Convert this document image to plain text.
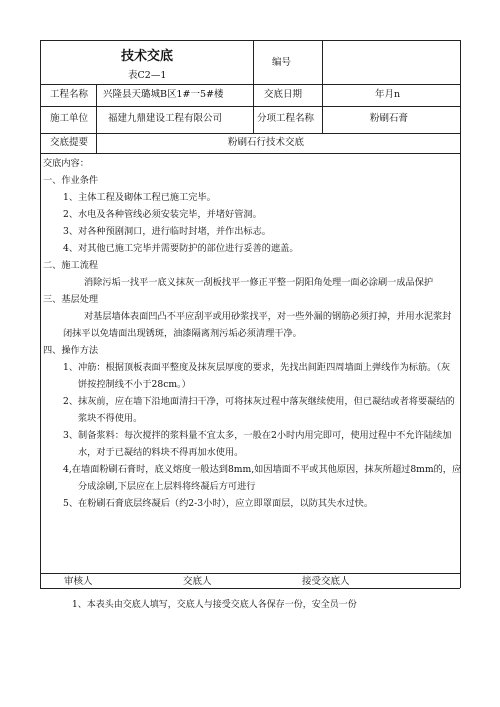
技术交底
表C2—1
编号
工程名称 兴隆县天璐城B区1#一5#楼	交底日期	年月n
施工单位 福建九鼎建设工程有限公司	分项工程名称	粉刷石膏
交底提要	粉刷石行技术交底
交底内容：
一、作业条件
1、主体工程及砌体工程已施工完毕。
2、水电及各种管线必须安装完毕，并堵好管洞。
3、对各种预剧洞口，进行临时封堵，并作出标志。
4、对其他已施工完毕并需要防护的部位进行妥善的遮盖。
二、施工流程
消除污垢一找平一底义抹灰一刮板找平一修正平整一阴阳角处理一面必涂刷一成品保护
三、基层处理
对基层墙体表面凹凸不平应刮平或用砂浆找平，对一些外漏的钢筋必须打掉，并用水泥浆封
闭抹平以免墙面出现锈斑，油漆隔离剂污垢必须清理干净。
四、操作方法
1、冲筋：根据顶板表面平整度及抹灰层厚度的要求，先找出间距四周墙面上弹线作为标筋。（灰
饼按控制线不小于28cm。）
2、抹灰前，应在墙下沿地面清扫干净，可将抹灰过程中落灰继续使用，但已凝结或者将要凝结的
浆块不得使用。
3、制备浆料：每次搅拌的浆料量不宜太多，一般在2小时内用完即可，使用过程中不允许陆续加
水，对于已凝结的料块不得再加水使用。
4,在墙面粉刷石膏时，底义熔度一般达到8mm,如因墙面不平或其他原因，抹灰所超过8mm的，应
分成涂刷,下层应在上层料将终凝后方可进行
5、在粉刷石膏底层终凝后（约2-3小时），应立即罩面层，以防其失水过快。
审核人	交底人	接受交底人
1、本表头由交底人填写，交底人与接受交底人各保存一份，安全员一份
